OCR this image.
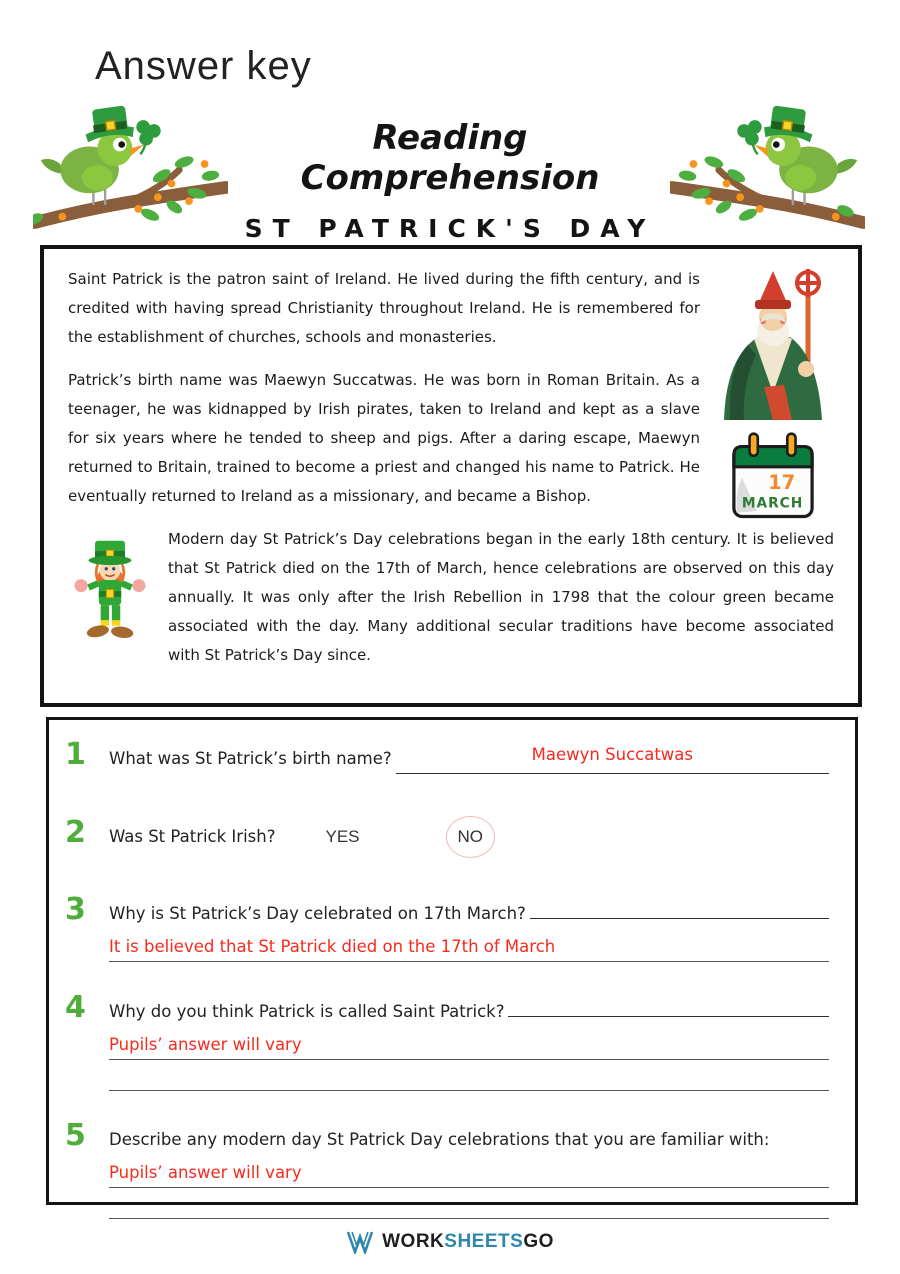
Answer key
Reading Comprehension
ST PATRICK'S DAY
17
MARCH

Saint Patrick is the patron saint of Ireland. He lived during the fifth century, and is credited with having spread Christianity throughout Ireland. He is remembered for the establishment of churches, schools and monasteries.

Patrick’s birth name was Maewyn Succatwas. He was born in Roman Britain. As a teenager, he was kidnapped by Irish pirates, taken to Ireland and kept as a slave for six years where he tended to sheep and pigs. After a daring escape, Maewyn returned to Britain, trained to become a priest and changed his name to Patrick. He eventually returned to Ireland as a missionary, and became a Bishop.

Modern day St Patrick’s Day celebrations began in the early 18th century. It is believed that St Patrick died on the 17th of March, hence celebrations are observed on this day annually. It was only after the Irish Rebellion in 1798 that the colour green became associated with the day. Many additional secular traditions have become associated with St Patrick’s Day since.

1	What was St Patrick’s birth name?	Maewyn Succatwas
2	Was St Patrick Irish?	YES	NO
3	Why is St Patrick’s Day celebrated on 17th March?
It is believed that St Patrick died on the 17th of March
4	Why do you think Patrick is called Saint Patrick?
Pupils’ answer will vary
5	Describe any modern day St Patrick Day celebrations that you are familiar with:
Pupils’ answer will vary
WORKSHEETSGO
